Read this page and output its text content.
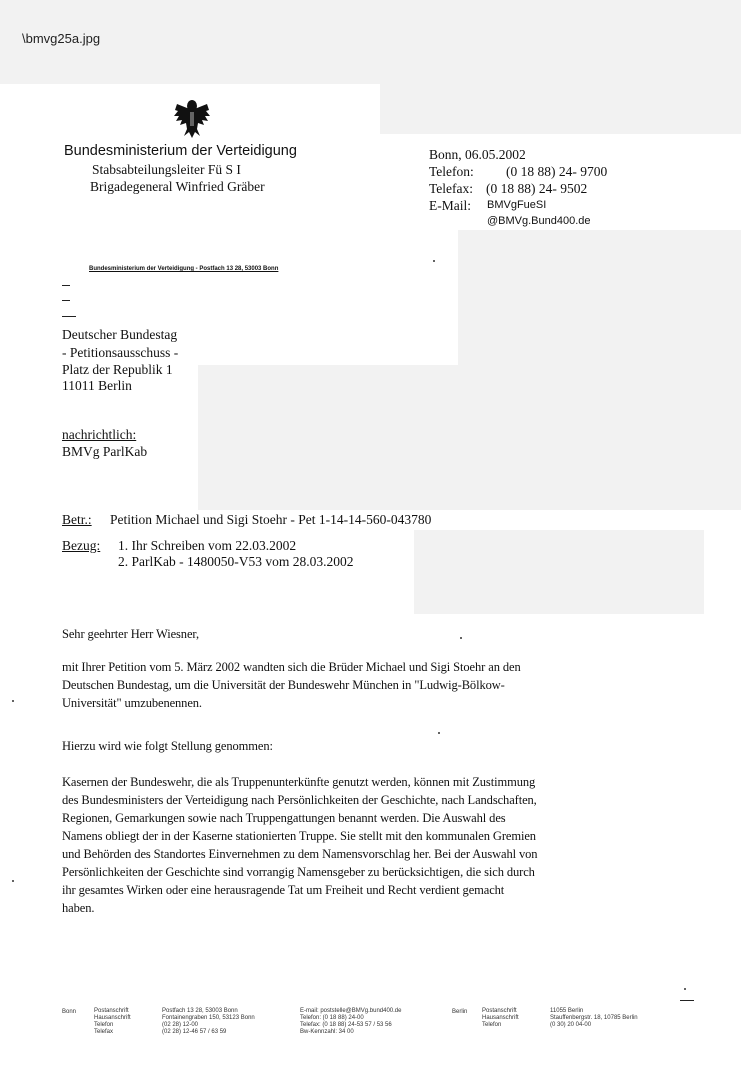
\bmvg25a.jpg
Bundesministerium der Verteidigung
Stabsabteilungsleiter Fü S I
Brigadegeneral Winfried Gräber
Bonn, 06.05.2002
Telefon: (0 18 88) 24- 9700
Telefax: (0 18 88) 24- 9502
E-Mail: BMVgFueSI
@BMVg.Bund400.de
Bundesministerium der Verteidigung - Postfach 13 28, 53003 Bonn
Deutscher Bundestag
- Petitionsausschuss -
Platz der Republik 1
11011 Berlin
nachrichtlich:
BMVg ParlKab
Betr.: Petition Michael und Sigi Stoehr - Pet 1-14-14-560-043780
Bezug: 1. Ihr Schreiben vom 22.03.2002
2. ParlKab - 1480050-V53 vom 28.03.2002
Sehr geehrter Herr Wiesner,
mit Ihrer Petition vom 5. März 2002 wandten sich die Brüder Michael und Sigi Stoehr an den
Deutschen Bundestag, um die Universität der Bundeswehr München in "Ludwig-Bölkow-
Universität" umzubenennen.
Hierzu wird wie folgt Stellung genommen:
Kasernen der Bundeswehr, die als Truppenunterkünfte genutzt werden, können mit Zustimmung
des Bundesministers der Verteidigung nach Persönlichkeiten der Geschichte, nach Landschaften,
Regionen, Gemarkungen sowie nach Truppengattungen benannt werden. Die Auswahl des
Namens obliegt der in der Kaserne stationierten Truppe. Sie stellt mit den kommunalen Gremien
und Behörden des Standortes Einvernehmen zu dem Namensvorschlag her. Bei der Auswahl von
Persönlichkeiten der Geschichte sind vorrangig Namensgeber zu berücksichtigen, die sich durch
ihr gesamtes Wirken oder eine herausragende Tat um Freiheit und Recht verdient gemacht
haben.
Bonn	Postanschrift
Hausanschrift
Telefon
Telefax
Postfach 13 28, 53003 Bonn
Fontainengraben 150, 53123 Bonn
(02 28) 12-00
(02 28) 12-46 57 / 63 59
E-mail: poststelle@BMVg.bund400.de
Telefon: (0 18 88) 24-00
Telefax: (0 18 88) 24-53 57 / 53 56
Bw-Kennzahl: 34 00
Berlin Postanschrift
Hausanschrift
Telefon
11055 Berlin
Stauffenbergstr. 18, 10785 Berlin
(0 30) 20 04-00
